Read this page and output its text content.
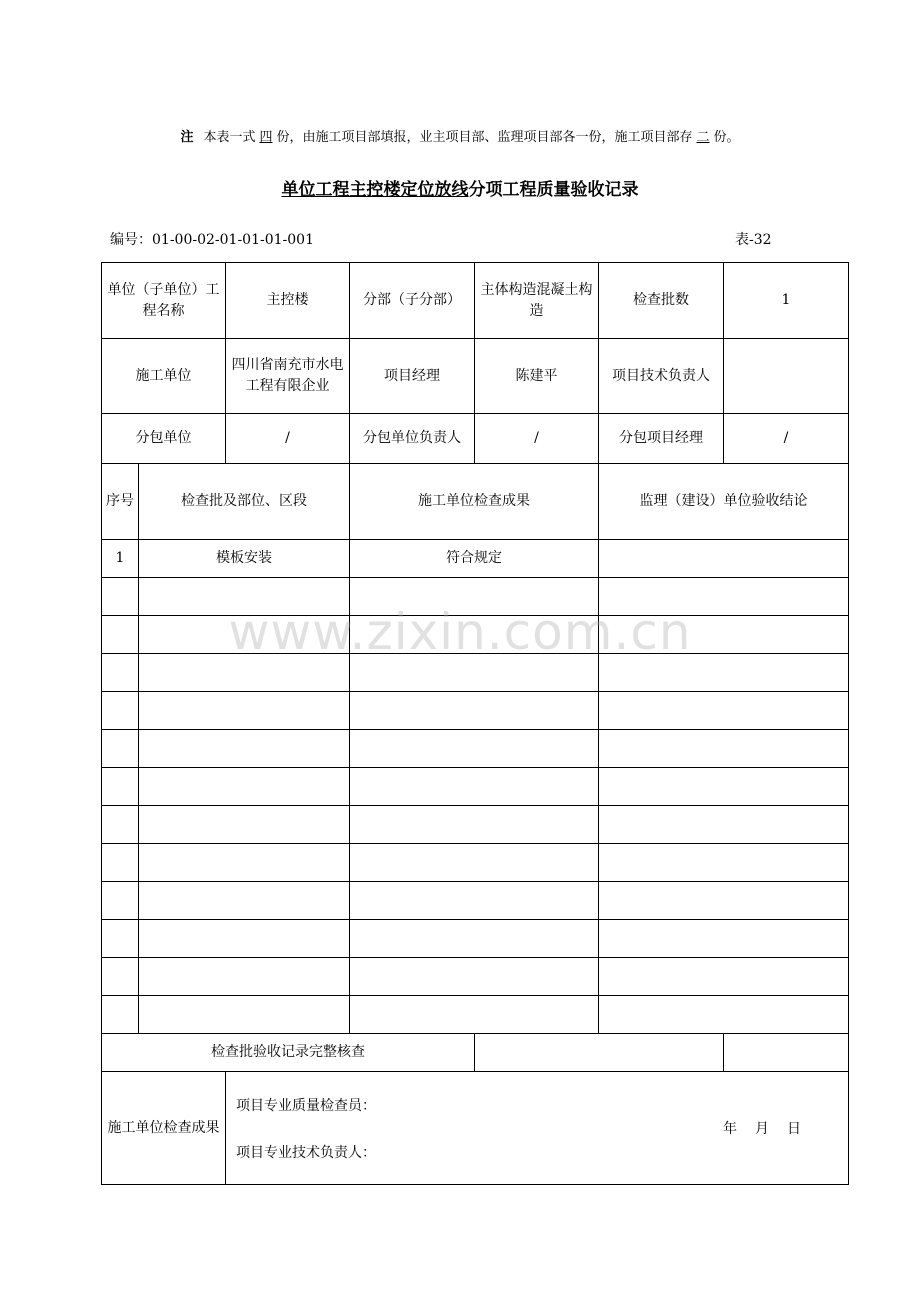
注 本表一式 四 份，由施工项目部填报，业主项目部、监理项目部各一份，施工项目部存 二 份。
单位工程主控楼定位放线分项工程质量验收记录
编号：01-00-02-01-01-01-001	表-32
单位（子单位）工程名称		主控楼	分部（子分部）	主体构造混凝土构造	检查批数	1
施工单位		四川省南充市水电工程有限企业	项目经理	陈建平	项目技术负责人	
分包单位		/	分包单位负责人	/	分包项目经理	/
序号	检查批及部位、区段		施工单位检查成果		监理（建设）单位验收结论	
1	模板安装		符合规定			

检查批验收记录完整核查						
施工单位检查成果		项目专业质量检查员：
年 月 日
项目专业技术负责人：				
www.zixin.com.cn
